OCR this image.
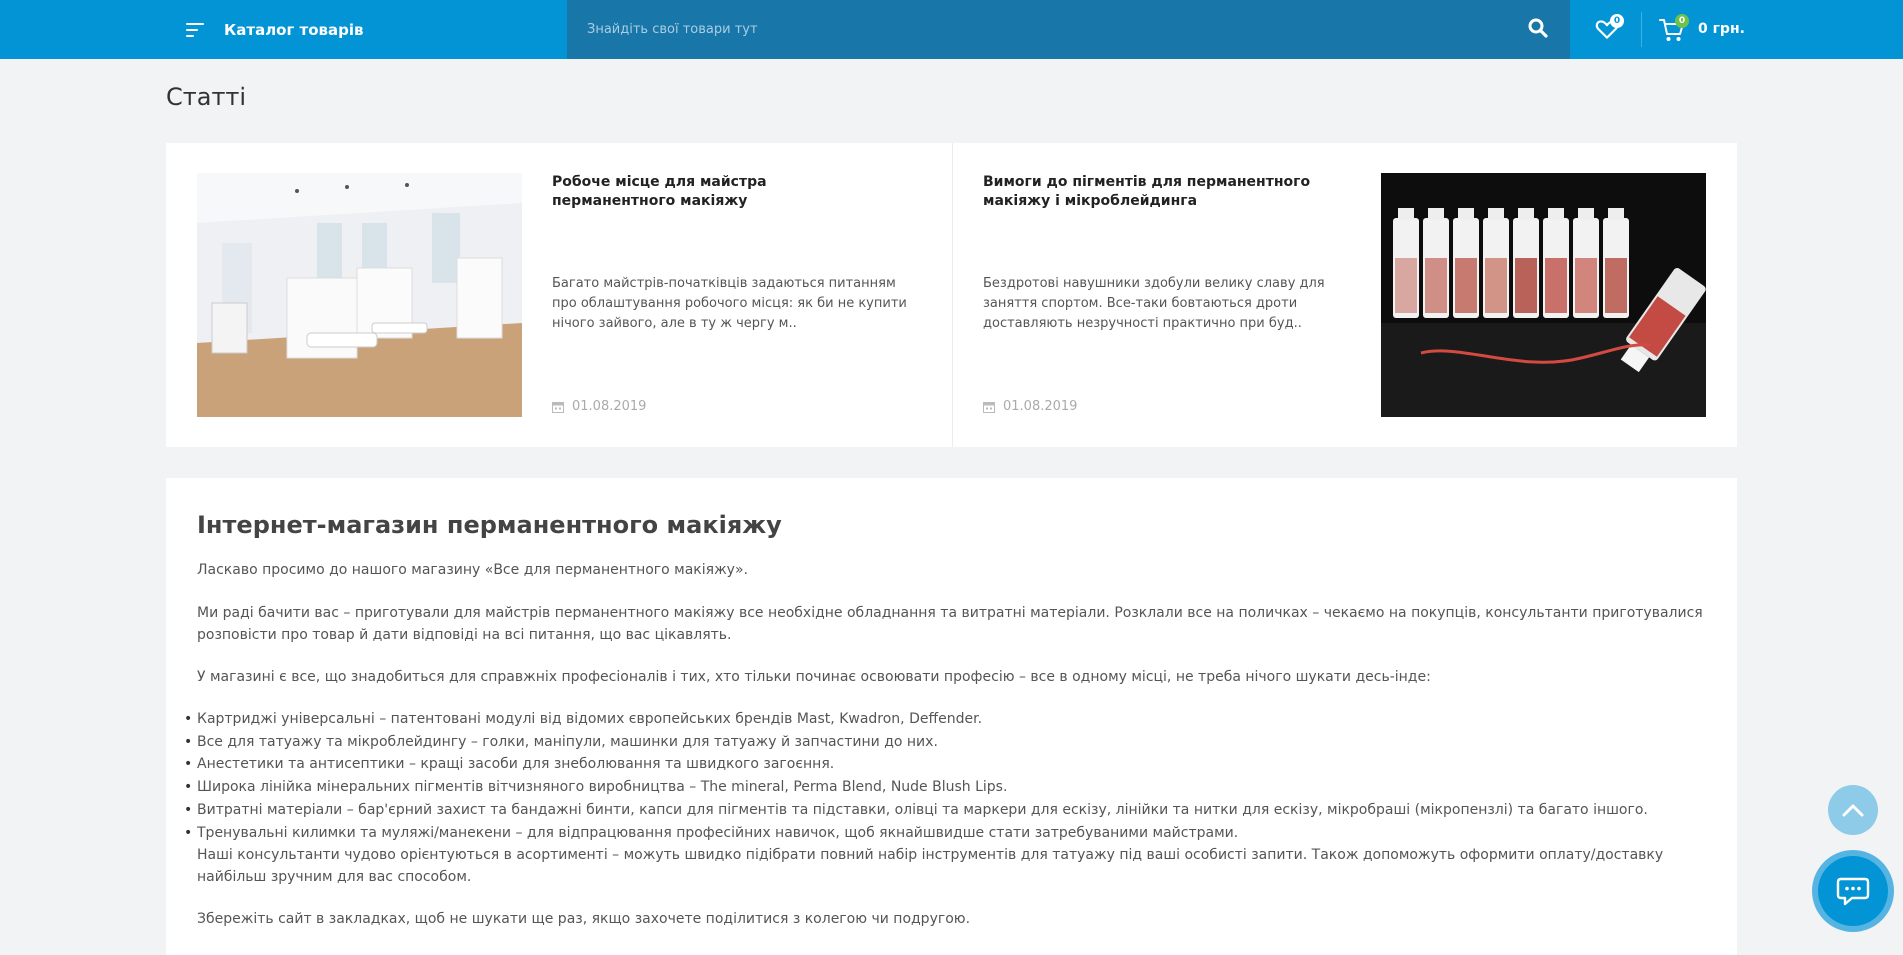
Каталог товарів
Знайдіть свої товари тут	0	0 0 грн.
Статті
Робоче місце для майстра перманентного макіяжу
Багато майстрів-початківців задаються питанням про облаштування робочого місця: як би не купити нічого зайвого, але в ту ж чергу м..
01.08.2019
Вимоги до пігментів для перманентного макіяжу і мікроблейдинга
Бездротові навушники здобули велику славу для заняття спортом. Все-таки бовтаються дроти доставляють незручності практично при буд..
01.08.2019
Інтернет-магазин перманентного макіяжу

Ласкаво просимо до нашого магазину «Все для перманентного макіяжу».

Ми раді бачити вас – приготували для майстрів перманентного макіяжу все необхідне обладнання та витратні матеріали. Розклали все на поличках – чекаємо на покупців, консультанти приготувалися розповісти про товар й дати відповіді на всі питання, що вас цікавлять.

У магазині є все, що знадобиться для справжніх професіоналів і тих, хто тільки починає освоювати професію – все в одному місці, не треба нічого шукати десь-інде:

• Картриджі універсальні – патентовані модулі від відомих європейських брендів Mast, Kwadron, Deffender.
• Все для татуажу та мікроблейдингу – голки, маніпули, машинки для татуажу й запчастини до них.
• Анестетики та антисептики – кращі засоби для знеболювання та швидкого загоєння.
• Широка лінійка мінеральних пігментів вітчизняного виробництва – The mineral, Perma Blend, Nude Blush Lips.
• Витратні матеріали – бар'єрний захист та бандажні бинти, капси для пігментів та підставки, олівці та маркери для ескізу, лінійки та нитки для ескізу, мікробраші (мікропензлі) та багато іншого.
• Тренувальні килимки та муляжі/манекени – для відпрацювання професійних навичок, щоб якнайшвидше стати затребуваними майстрами.

Наші консультанти чудово орієнтуються в асортименті – можуть швидко підібрати повний набір інструментів для татуажу під ваші особисті запити. Також допоможуть оформити оплату/доставку найбільш зручним для вас способом.

Збережіть сайт в закладках, щоб не шукати ще раз, якщо захочете поділитися з колегою чи подругою.
